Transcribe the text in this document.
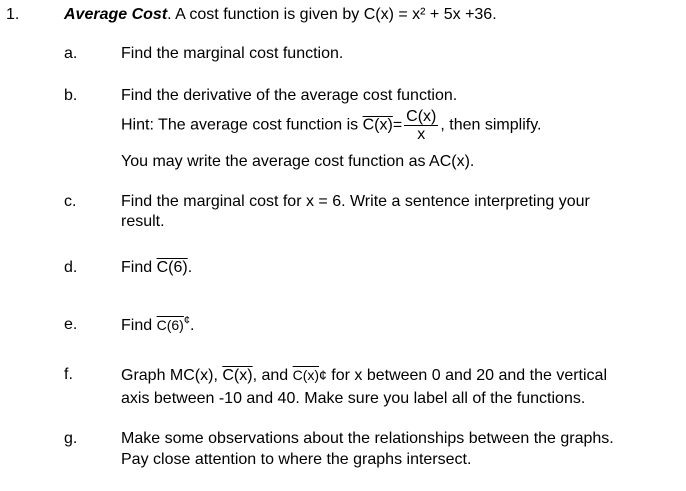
1.	Average Cost. A cost function is given by C(x) = x² + 5x +36.
a.	Find the marginal cost function.
b.	Find the derivative of the average cost function.
Hint: The average cost function is $C(x)= \frac{C(x)}{x}$ , then simplify.
You may write the average cost function as AC(x).
c.	Find the marginal cost for x = 6. Write a sentence interpreting your
result.
d.	Find C(6).
e.	Find C(6)¢.
f.	Graph MC(x), C(x), and C(x)¢ for x between 0 and 20 and the vertical
axis between -10 and 40. Make sure you label all of the functions.
g.	Make some observations about the relationships between the graphs.
Pay close attention to where the graphs intersect.
